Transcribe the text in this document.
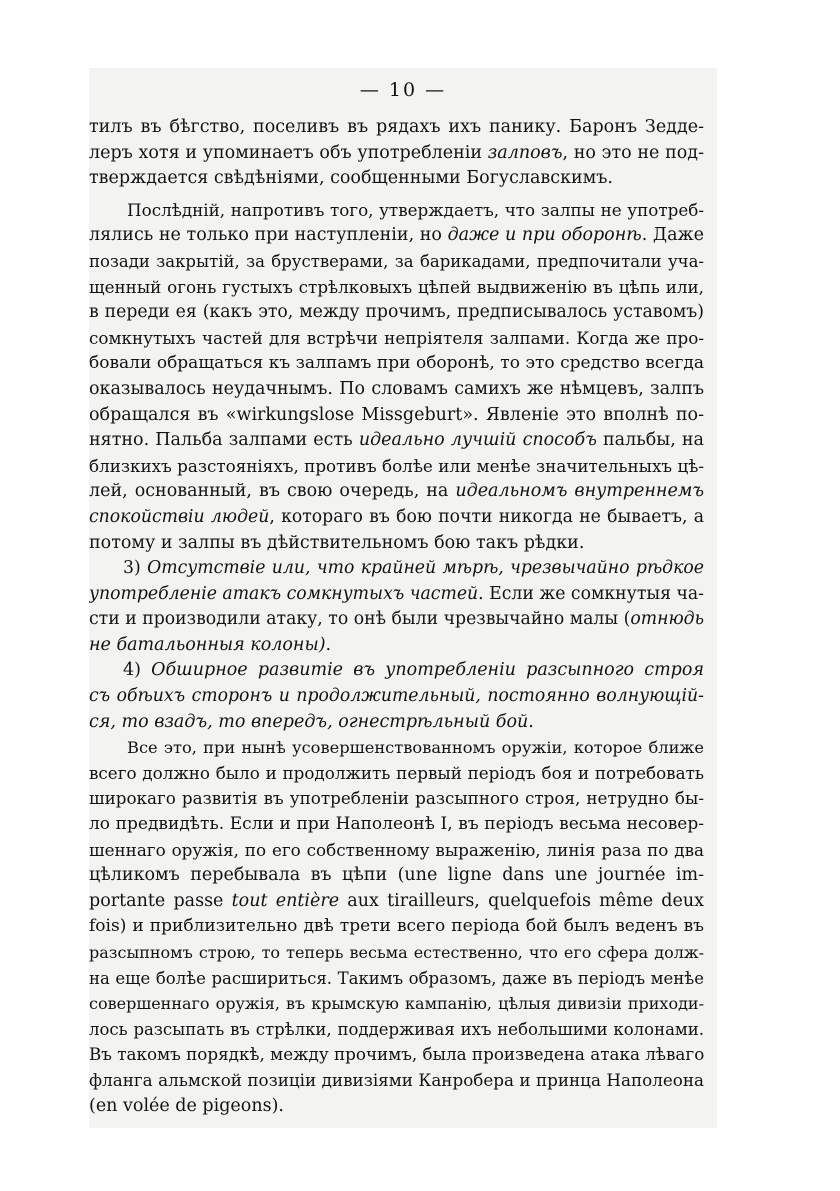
— 10 —
тилъ въ бѣгство, поселивъ въ рядахъ ихъ панику. Баронъ Зедде-
леръ хотя и упоминаетъ объ употребленіи залповъ, но это не под-
тверждается свѣдѣніями, сообщенными Богуславскимъ.
Послѣдній, напротивъ того, утверждаетъ, что залпы не употреб-
лялись не только при наступленіи, но даже и при оборонѣ. Даже
позади закрытій, за брустверами, за барикадами, предпочитали уча-
щенный огонь густыхъ стрѣлковыхъ цѣпей выдвиженію въ цѣпь или,
в переди ея (какъ это, между прочимъ, предписывалось уставомъ)
сомкнутыхъ частей для встрѣчи непріятеля залпами. Когда же про-
бовали обращаться къ залпамъ при оборонѣ, то это средство всегда
оказывалось неудачнымъ. По словамъ самихъ же нѣмцевъ, залпъ
обращался въ «wirkungslose Missgeburt». Явленіе это вполнѣ по-
нятно. Пальба залпами есть идеально лучшій способъ пальбы, на
близкихъ разстояніяхъ, противъ болѣе или менѣе значительныхъ цѣ-
лей, основанный, въ свою очередь, на идеальномъ внутреннемъ
спокойствіи людей, котораго въ бою почти никогда не бываетъ, а
потому и залпы въ дѣйствительномъ бою такъ рѣдки.
3) Отсутствіе или, что крайней мѣрѣ, чрезвычайно рѣдкое
употребленіе атакъ сомкнутыхъ частей. Если же сомкнутыя ча-
сти и производили атаку, то онѣ были чрезвычайно малы (отнюдь
не батальонныя колоны).
4) Обширное развитіе въ употребленіи разсыпного строя
съ обѣихъ сторонъ и продолжительный, постоянно волнующій-
ся, то взадъ, то впередъ, огнестрѣльный бой.
Все это, при нынѣ усовершенствованномъ оружіи, которое ближе
всего должно было и продолжить первый періодъ боя и потребовать
широкаго развитія въ употребленіи разсыпного строя, нетрудно бы-
ло предвидѣть. Если и при Наполеонѣ I, въ періодъ весьма несовер-
шеннаго оружія, по его собственному выраженію, линія раза по два
цѣликомъ перебывала въ цѣпи (une ligne dans une journée im-
portante passe tout entière aux tirailleurs, quelquefois même deux
fois) и приблизительно двѣ трети всего періода бой былъ веденъ въ
разсыпномъ строю, то теперь весьма естественно, что его сфера долж-
на еще болѣе расшириться. Такимъ образомъ, даже въ періодъ менѣе
совершеннаго оружія, въ крымскую кампанію, цѣлыя дивизіи приходи-
лось разсыпать въ стрѣлки, поддерживая ихъ небольшими колонами.
Въ такомъ порядкѣ, между прочимъ, была произведена атака лѣваго
фланга альмской позиціи дивизіями Канробера и принца Наполеона
(en volée de pigeons).
